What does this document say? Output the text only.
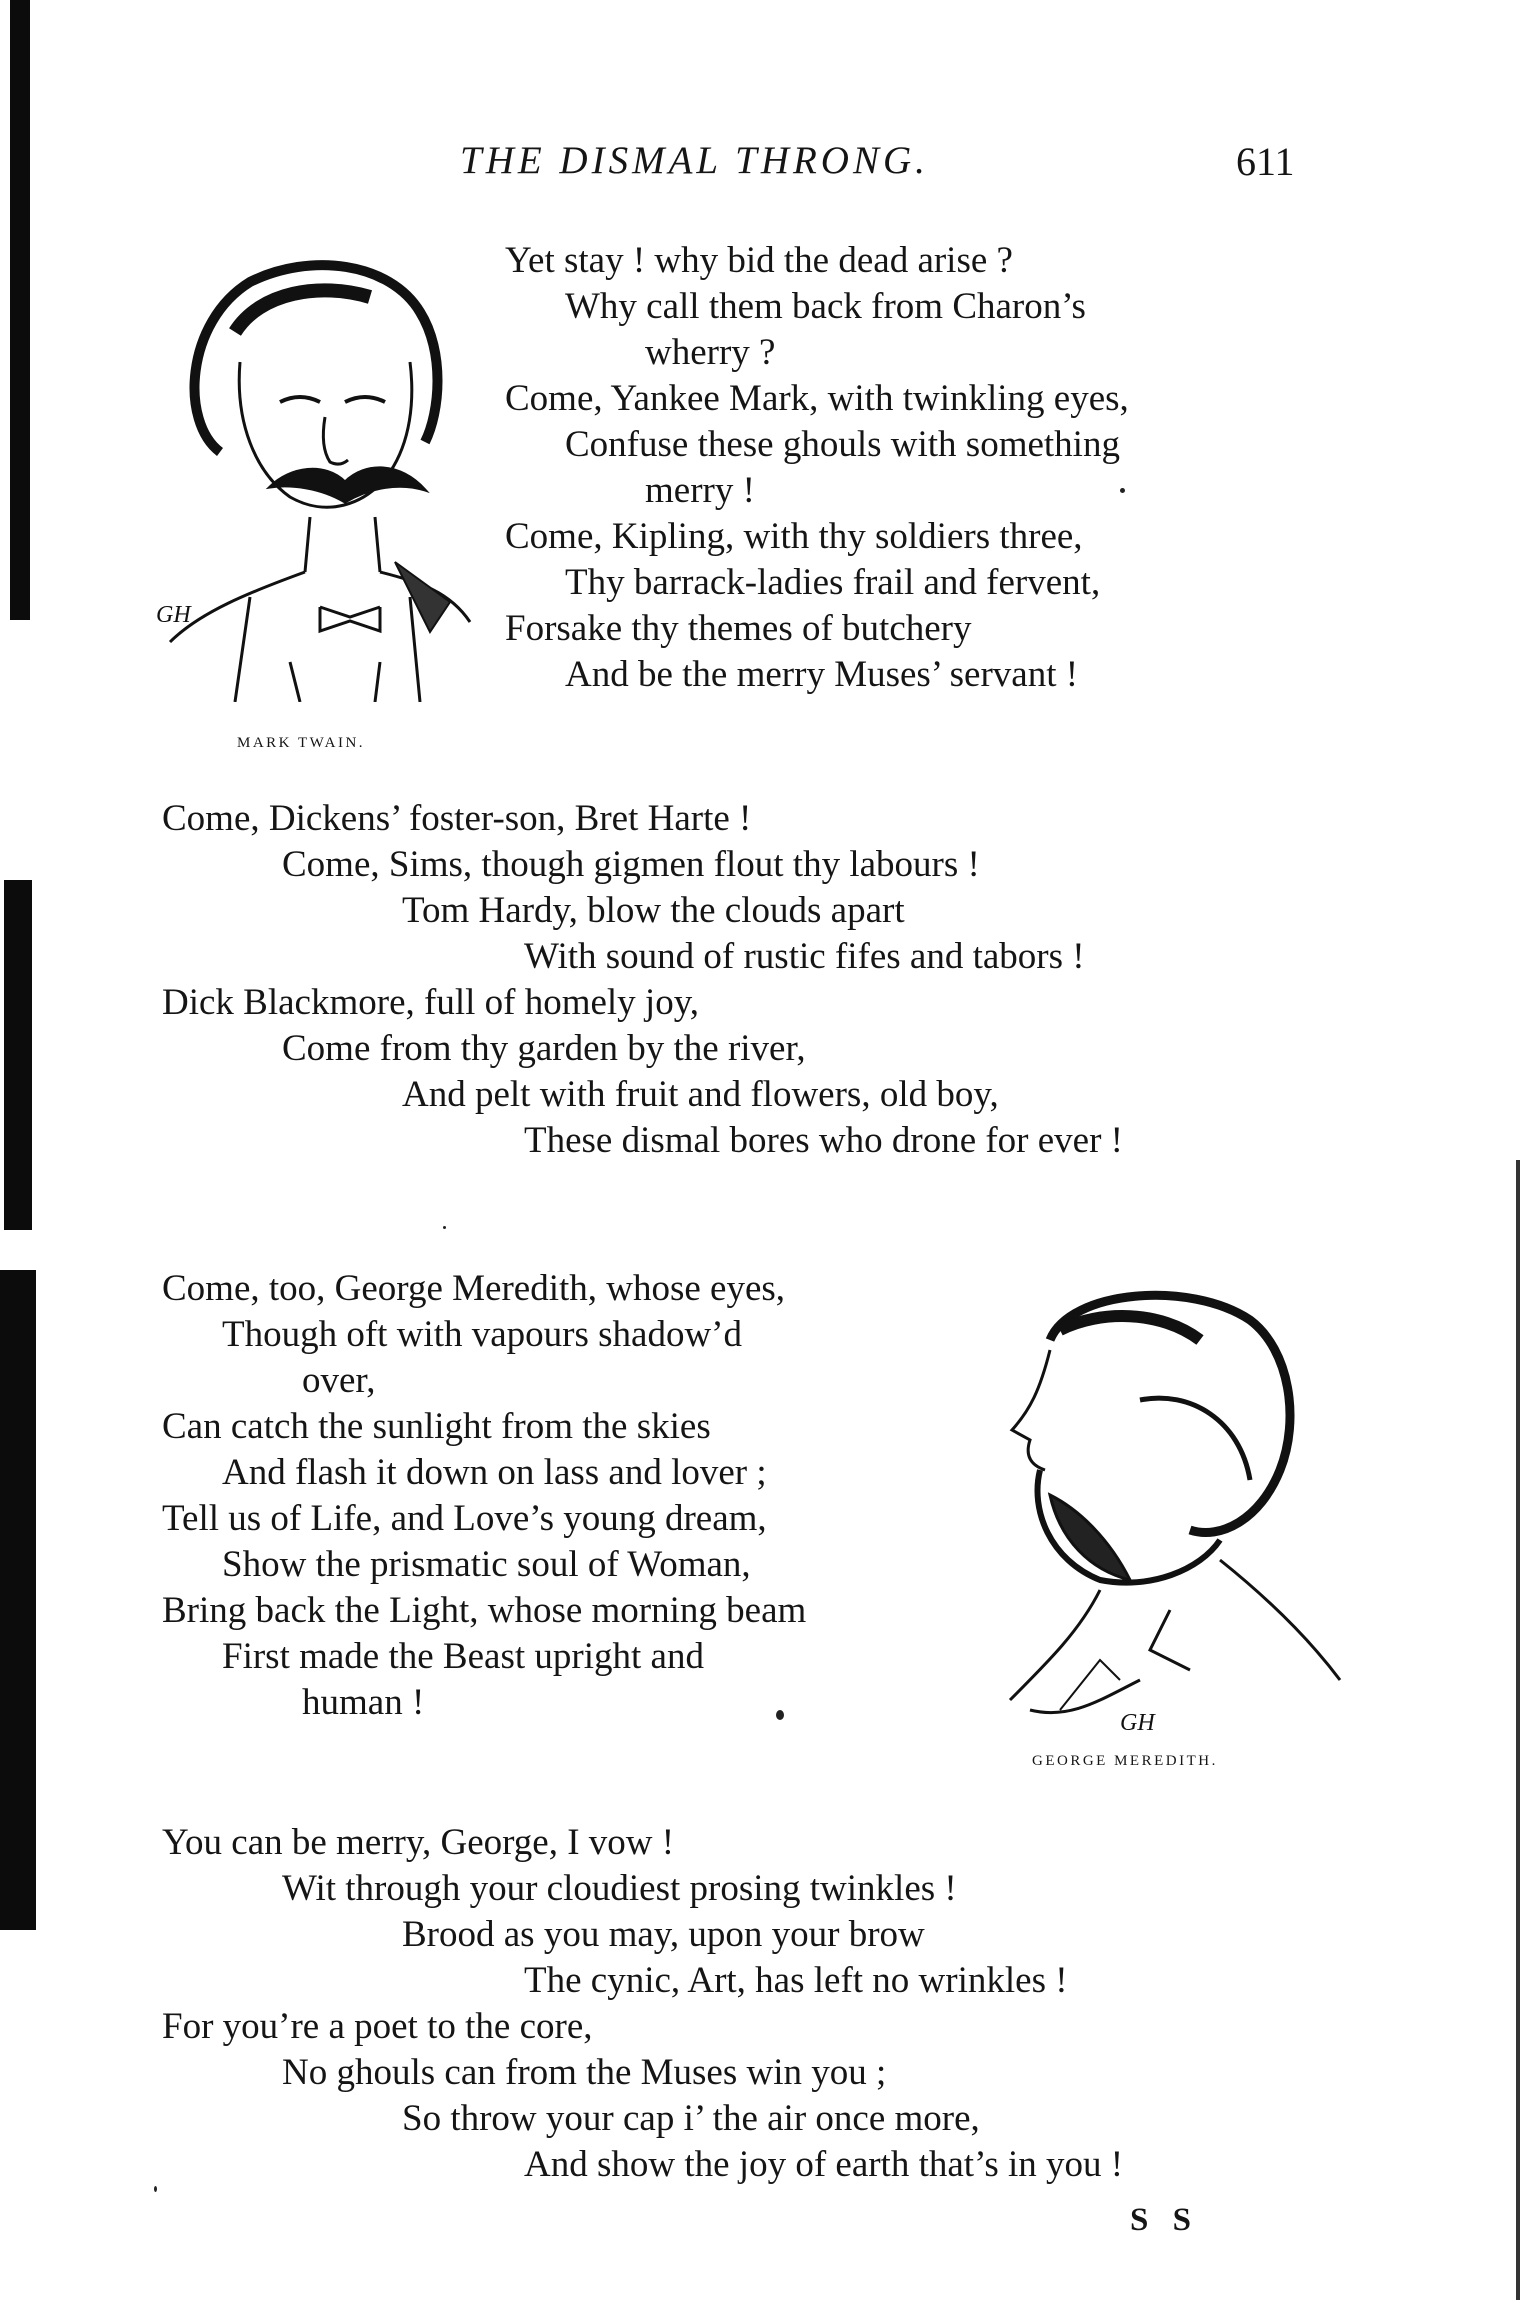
THE DISMAL THRONG.	611
GH
MARK TWAIN.
GH
GEORGE MEREDITH.
Yet stay ! why bid the dead arise ?
Why call them back from Charon’s
wherry ?
Come, Yankee Mark, with twinkling eyes,
Confuse these ghouls with something
merry !
Come, Kipling, with thy soldiers three,
Thy barrack-ladies frail and fervent,
Forsake thy themes of butchery
And be the merry Muses’ servant !
Come, Dickens’ foster-son, Bret Harte !
Come, Sims, though gigmen flout thy labours !
Tom Hardy, blow the clouds apart
With sound of rustic fifes and tabors !
Dick Blackmore, full of homely joy,
Come from thy garden by the river,
And pelt with fruit and flowers, old boy,
These dismal bores who drone for ever !
Come, too, George Meredith, whose eyes,
Though oft with vapours shadow’d
over,
Can catch the sunlight from the skies
And flash it down on lass and lover ;
Tell us of Life, and Love’s young dream,
Show the prismatic soul of Woman,
Bring back the Light, whose morning beam
First made the Beast upright and
human !
You can be merry, George, I vow !
Wit through your cloudiest prosing twinkles !
Brood as you may, upon your brow
The cynic, Art, has left no wrinkles !
For you’re a poet to the core,
No ghouls can from the Muses win you ;
So throw your cap i’ the air once more,
And show the joy of earth that’s in you !
S S
